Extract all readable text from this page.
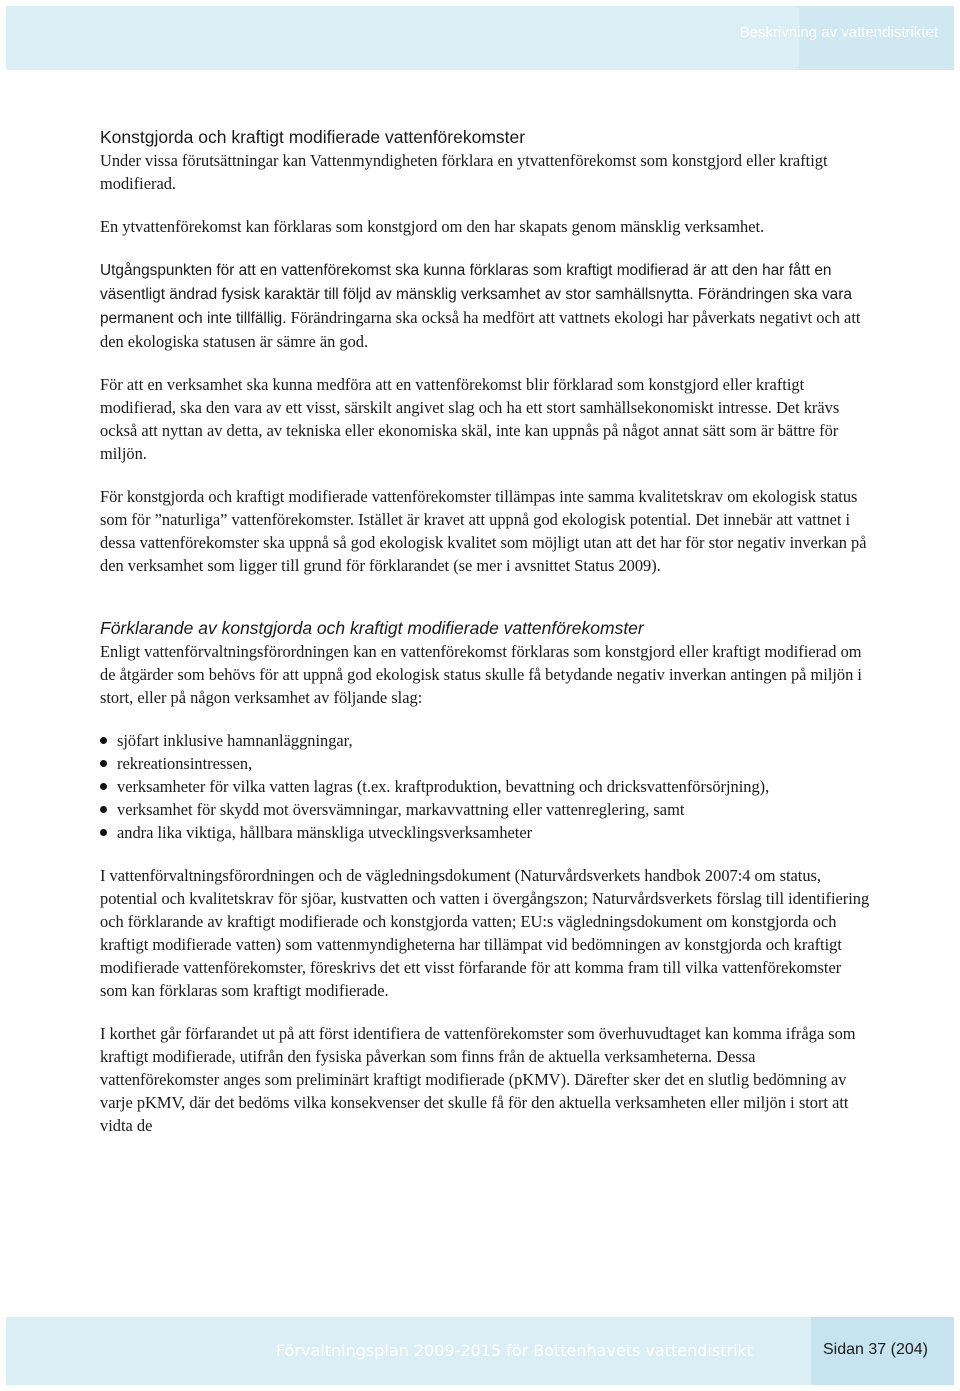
Beskrivning av vattendistriktet
Konstgjorda och kraftigt modifierade vattenförekomster

Under vissa förutsättningar kan Vattenmyndigheten förklara en ytvattenförekomst som konstgjord eller kraftigt modifierad.

En ytvattenförekomst kan förklaras som konstgjord om den har skapats genom mänsklig verksamhet.

Utgångspunkten för att en vattenförekomst ska kunna förklaras som kraftigt modifierad är att den har fått en väsentligt ändrad fysisk karaktär till följd av mänsklig verksamhet av stor samhällsnytta. Förändringen ska vara permanent och inte tillfällig. Förändringarna ska också ha medfört att vattnets ekologi har påverkats negativt och att den ekologiska statusen är sämre än god.

För att en verksamhet ska kunna medföra att en vattenförekomst blir förklarad som konstgjord eller kraftigt modifierad, ska den vara av ett visst, särskilt angivet slag och ha ett stort samhällsekonomiskt intresse. Det krävs också att nyttan av detta, av tekniska eller ekonomiska skäl, inte kan uppnås på något annat sätt som är bättre för miljön.

För konstgjorda och kraftigt modifierade vattenförekomster tillämpas inte samma kvalitetskrav om ekologisk status som för ”naturliga” vattenförekomster. Istället är kravet att uppnå god ekologisk potential. Det innebär att vattnet i dessa vattenförekomster ska uppnå så god ekologisk kvalitet som möjligt utan att det har för stor negativ inverkan på den verksamhet som ligger till grund för förklarandet (se mer i avsnittet Status 2009).

Förklarande av konstgjorda och kraftigt modifierade vattenförekomster

Enligt vattenförvaltningsförordningen kan en vattenförekomst förklaras som konstgjord eller kraftigt modifierad om de åtgärder som behövs för att uppnå god ekologisk status skulle få betydande negativ inverkan antingen på miljön i stort, eller på någon verksamhet av följande slag:

sjöfart inklusive hamnanläggningar,
rekreationsintressen,
verksamheter för vilka vatten lagras (t.ex. kraftproduktion, bevattning och dricksvattenförsörjning),
verksamhet för skydd mot översvämningar, markavvattning eller vattenreglering, samt
andra lika viktiga, hållbara mänskliga utvecklingsverksamheter

I vattenförvaltningsförordningen och de vägledningsdokument (Naturvårdsverkets handbok 2007:4 om status, potential och kvalitetskrav för sjöar, kustvatten och vatten i övergångszon; Naturvårdsverkets förslag till identifiering och förklarande av kraftigt modifierade och konstgjorda vatten; EU:s vägledningsdokument om konstgjorda och kraftigt modifierade vatten) som vattenmyndigheterna har tillämpat vid bedömningen av konstgjorda och kraftigt modifierade vattenförekomster, föreskrivs det ett visst förfarande för att komma fram till vilka vattenförekomster som kan förklaras som kraftigt modifierade.

I korthet går förfarandet ut på att först identifiera de vattenförekomster som överhuvudtaget kan komma ifråga som kraftigt modifierade, utifrån den fysiska påverkan som finns från de aktuella verksamheterna. Dessa vattenförekomster anges som preliminärt kraftigt modifierade (pKMV). Därefter sker det en slutlig bedömning av varje pKMV, där det bedöms vilka konsekvenser det skulle få för den aktuella verksamheten eller miljön i stort att vidta de

Förvaltningsplan 2009-2015 för Bottenhavets vattendistrikt	Sidan 37 (204)
